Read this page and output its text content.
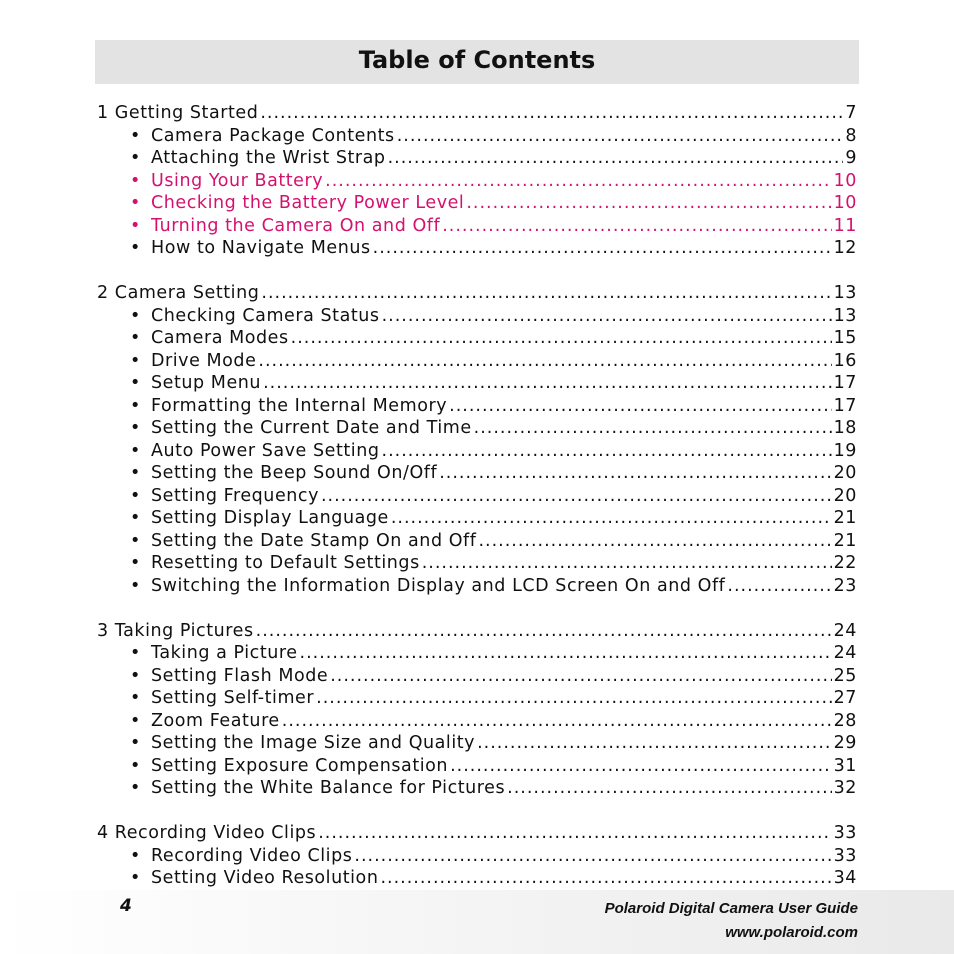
Table of Contents
1 Getting Started .....	7
• Camera Package Contents .....	8
• Attaching the Wrist Strap .....	9
• Using Your Battery .....	10
• Checking the Battery Power Level .....	10
• Turning the Camera On and Off .....	11
• How to Navigate Menus .....	12
2 Camera Setting .....	13
• Checking Camera Status .....	13
• Camera Modes .....	15
• Drive Mode .....	16
• Setup Menu .....	17
• Formatting the Internal Memory .....	17
• Setting the Current Date and Time .....	18
• Auto Power Save Setting .....	19
• Setting the Beep Sound On/Off .....	20
• Setting Frequency .....	20
• Setting Display Language .....	21
• Setting the Date Stamp On and Off .....	21
• Resetting to Default Settings .....	22
• Switching the Information Display and LCD Screen On and Off .....	23
3 Taking Pictures .....	24
• Taking a Picture .....	24
• Setting Flash Mode .....	25
• Setting Self-timer .....	27
• Zoom Feature .....	28
• Setting the Image Size and Quality .....	29
• Setting Exposure Compensation .....	31
• Setting the White Balance for Pictures .....	32
4 Recording Video Clips .....	33
• Recording Video Clips .....	33
• Setting Video Resolution .....	34
4	Polaroid Digital Camera User Guide
www.polaroid.com
